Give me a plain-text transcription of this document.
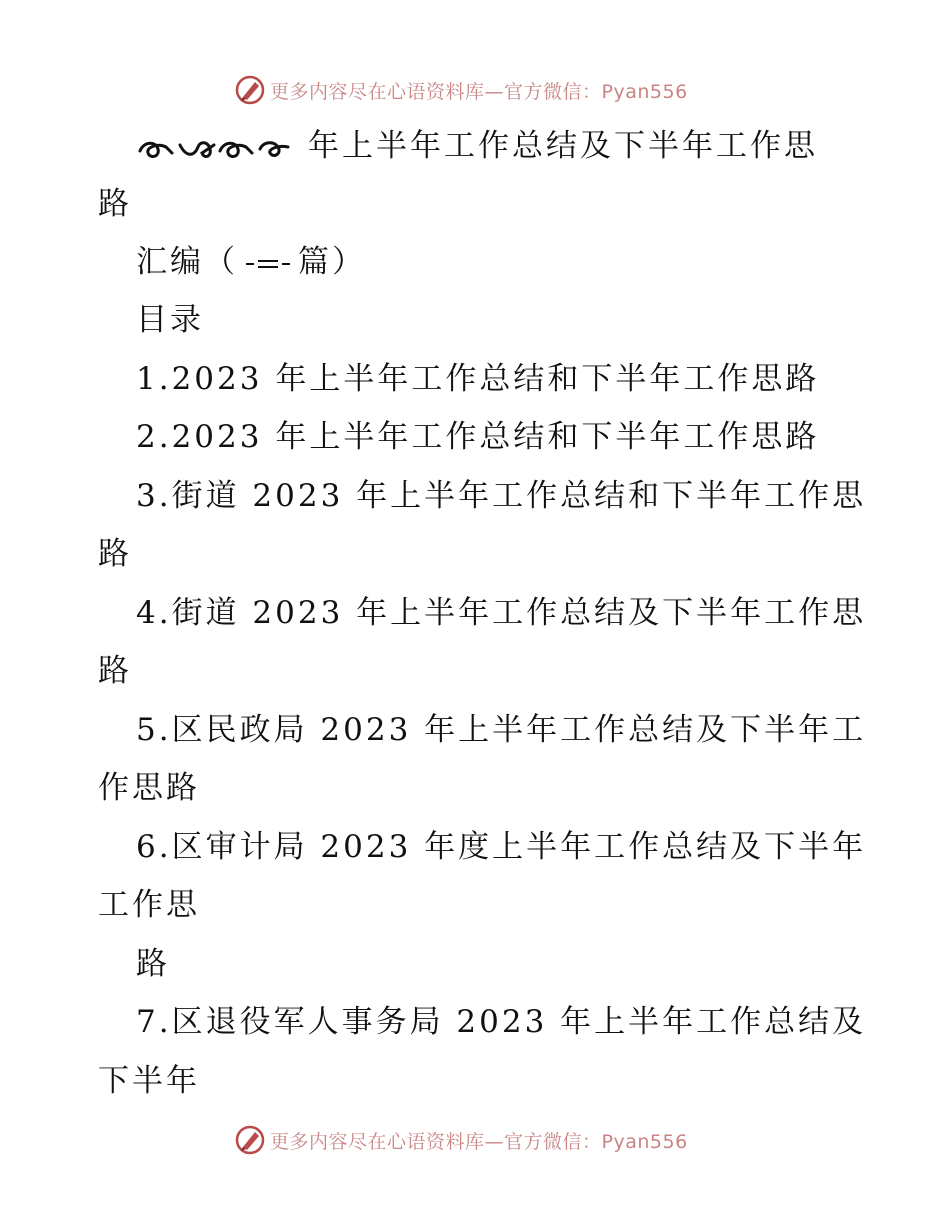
更多内容尽在心语资料库—官方微信：Pyan556
年上半年工作总结及下半年工作思
路
汇编（ 篇）
目录
1.2023 年上半年工作总结和下半年工作思路
2.2023 年上半年工作总结和下半年工作思路
3.街道 2023 年上半年工作总结和下半年工作思
路
4.街道 2023 年上半年工作总结及下半年工作思
路
5.区民政局 2023 年上半年工作总结及下半年工
作思路
6.区审计局 2023 年度上半年工作总结及下半年
工作思
路
7.区退役军人事务局 2023 年上半年工作总结及
下半年
更多内容尽在心语资料库—官方微信：Pyan556
